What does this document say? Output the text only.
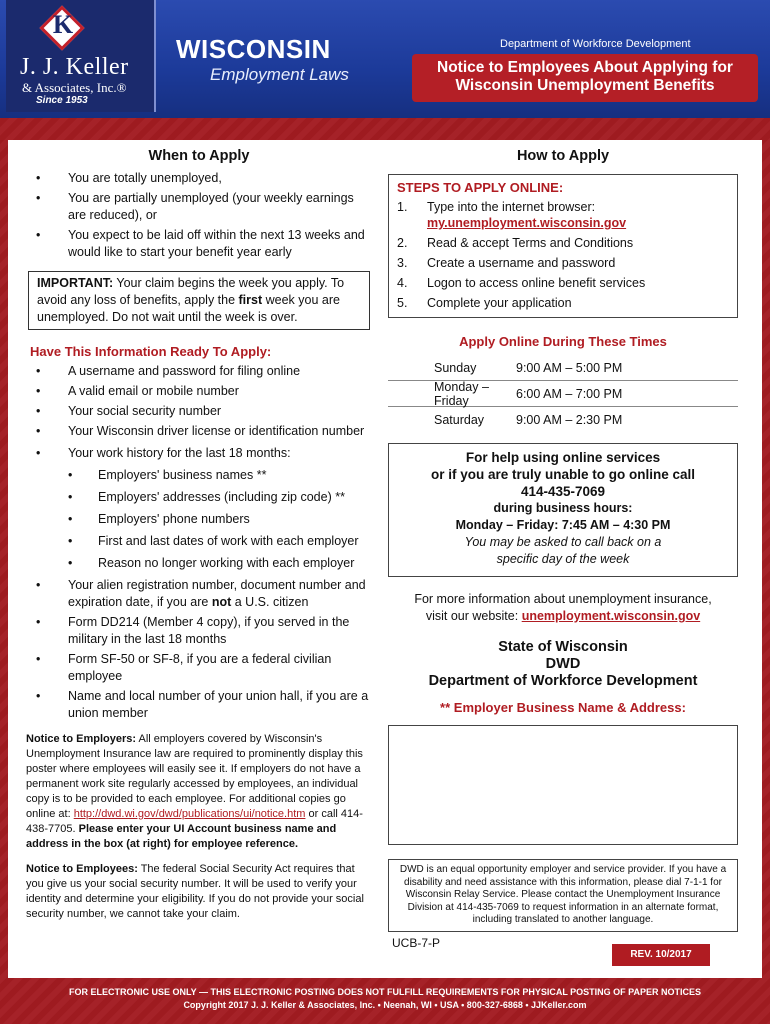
K
J. J. Keller
& Associates, Inc.®
Since 1953
WISCONSIN
Employment Laws
Department of Workforce Development
Notice to Employees About Applying for
Wisconsin Unemployment Benefits
When to Apply
• You are totally unemployed,
• You are partially unemployed (your weekly earnings are reduced), or
• You expect to be laid off within the next 13 weeks and would like to start your benefit year early
IMPORTANT: Your claim begins the week you apply. To avoid any loss of benefits, apply the first week you are unemployed. Do not wait until the week is over.
Have This Information Ready To Apply:
• A username and password for filing online
• A valid email or mobile number
• Your social security number
• Your Wisconsin driver license or identification number
• Your work history for the last 18 months:
• Employers' business names **
• Employers' addresses (including zip code) **
• Employers' phone numbers
• First and last dates of work with each employer
• Reason no longer working with each employer
• Your alien registration number, document number and expiration date, if you are not a U.S. citizen
• Form DD214 (Member 4 copy), if you served in the military in the last 18 months
• Form SF-50 or SF-8, if you are a federal civilian employee
• Name and local number of your union hall, if you are a union member
Notice to Employers: All employers covered by Wisconsin's Unemployment Insurance law are required to prominently display this poster where employees will easily see it. If employers do not have a permanent work site regularly accessed by employees, an individual copy is to be provided to each employee. For additional copies go online at: http://dwd.wi.gov/dwd/publications/ui/notice.htm or call 414-438-7705. Please enter your UI Account business name and address in the box (at right) for employee reference.
Notice to Employees: The federal Social Security Act requires that you give us your social security number. It will be used to verify your identity and determine your eligibility. If you do not provide your social security number, we cannot take your claim.
How to Apply
STEPS TO APPLY ONLINE:
1.	Type into the internet browser:
my.unemployment.wisconsin.gov
2.	Read & accept Terms and Conditions
3.	Create a username and password
4.	Logon to access online benefit services
5.	Complete your application
Apply Online During These Times
Sunday	9:00 AM – 5:00 PM
Monday – Friday	6:00 AM – 7:00 PM
Saturday	9:00 AM – 2:30 PM
For help using online services
or if you are truly unable to go online call
414-435-7069
during business hours:
Monday – Friday: 7:45 AM – 4:30 PM
You may be asked to call back on a
specific day of the week
For more information about unemployment insurance,
visit our website: unemployment.wisconsin.gov
State of Wisconsin
DWD
Department of Workforce Development
** Employer Business Name & Address:
DWD is an equal opportunity employer and service provider. If you have a disability and need assistance with this information, please dial 7-1-1 for Wisconsin Relay Service. Please contact the Unemployment Insurance Division at 414-435-7069 to request information in an alternate format, including translated to another language.
UCB-7-P
REV. 10/2017
FOR ELECTRONIC USE ONLY — THIS ELECTRONIC POSTING DOES NOT FULFILL REQUIREMENTS FOR PHYSICAL POSTING OF PAPER NOTICES
Copyright 2017 J. J. Keller & Associates, Inc. • Neenah, WI • USA • 800-327-6868 • JJKeller.com
